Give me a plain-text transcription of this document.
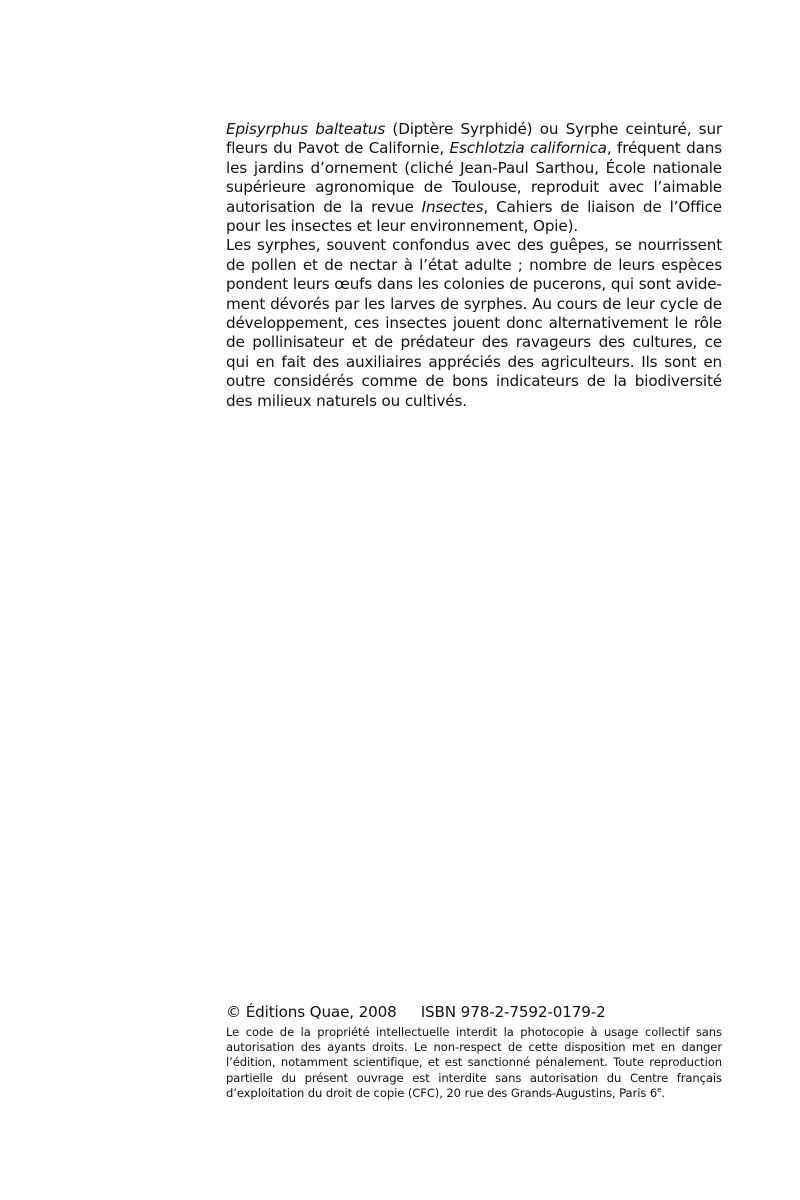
Episyrphus balteatus (Diptère Syrphidé) ou Syrphe ceinturé, sur fleurs du Pavot de Californie, Eschlotzia californica, fréquent dans les jardins d’ornement (cliché Jean-Paul Sarthou, École nationale supérieure agronomique de Toulouse, reproduit avec l’aimable autorisation de la revue Insectes, Cahiers de liaison de l’Office pour les insectes et leur environnement, Opie).

Les syrphes, souvent confondus avec des guêpes, se nourrissent de pollen et de nectar à l’état adulte ; nombre de leurs espèces pondent leurs œufs dans les colonies de pucerons, qui sont avidement dévorés par les larves de syrphes. Au cours de leur cycle de développement, ces insectes jouent donc alternativement le rôle de pollinisateur et de prédateur des ravageurs des cultures, ce qui en fait des auxiliaires appréciés des agriculteurs. Ils sont en outre considérés comme de bons indicateurs de la biodiversité des milieux naturels ou cultivés.

© Éditions Quae, 2008 ISBN 978-2-7592-0179-2

Le code de la propriété intellectuelle interdit la photocopie à usage collectif sans autorisation des ayants droits. Le non-respect de cette disposition met en danger l’édition, notamment scientifique, et est sanctionné pénalement. Toute reproduction partielle du présent ouvrage est interdite sans autorisation du Centre français d’exploitation du droit de copie (CFC), 20 rue des Grands-Augustins, Paris 6e.
